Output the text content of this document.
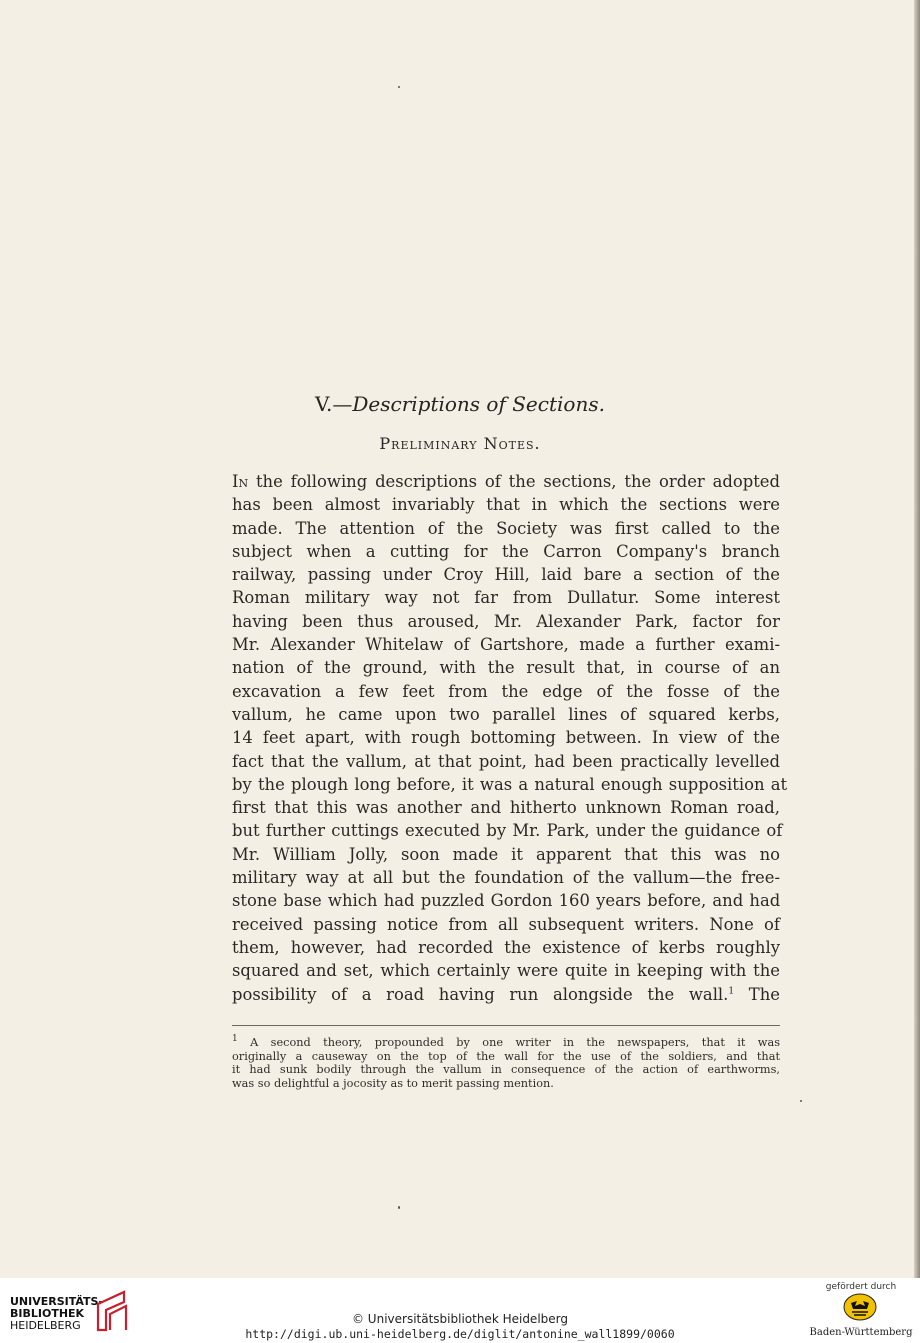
V.—Descriptions of Sections.
Preliminary Notes.
In the following descriptions of the sections, the order adopted
has been almost invariably that in which the sections were
made. The attention of the Society was first called to the
subject when a cutting for the Carron Company's branch
railway, passing under Croy Hill, laid bare a section of the
Roman military way not far from Dullatur. Some interest
having been thus aroused, Mr. Alexander Park, factor for
Mr. Alexander Whitelaw of Gartshore, made a further exami-
nation of the ground, with the result that, in course of an
excavation a few feet from the edge of the fosse of the
vallum, he came upon two parallel lines of squared kerbs,
14 feet apart, with rough bottoming between. In view of the
fact that the vallum, at that point, had been practically levelled
by the plough long before, it was a natural enough supposition at
first that this was another and hitherto unknown Roman road,
but further cuttings executed by Mr. Park, under the guidance of
Mr. William Jolly, soon made it apparent that this was no
military way at all but the foundation of the vallum—the free-
stone base which had puzzled Gordon 160 years before, and had
received passing notice from all subsequent writers. None of
them, however, had recorded the existence of kerbs roughly
squared and set, which certainly were quite in keeping with the
possibility of a road having run alongside the wall.$^1$ The
$^1$ A second theory, propounded by one writer in the newspapers, that it was
originally a causeway on the top of the wall for the use of the soldiers, and that
it had sunk bodily through the vallum in consequence of the action of earthworms,
was so delightful a jocosity as to merit passing mention.
UNIVERSITÄTS-
BIBLIOTHEK
HEIDELBERG	© Universitätsbibliothek Heidelberg
http://digi.ub.uni-heidelberg.de/diglit/antonine_wall1899/0060
gefördert durch
Baden-Württemberg
